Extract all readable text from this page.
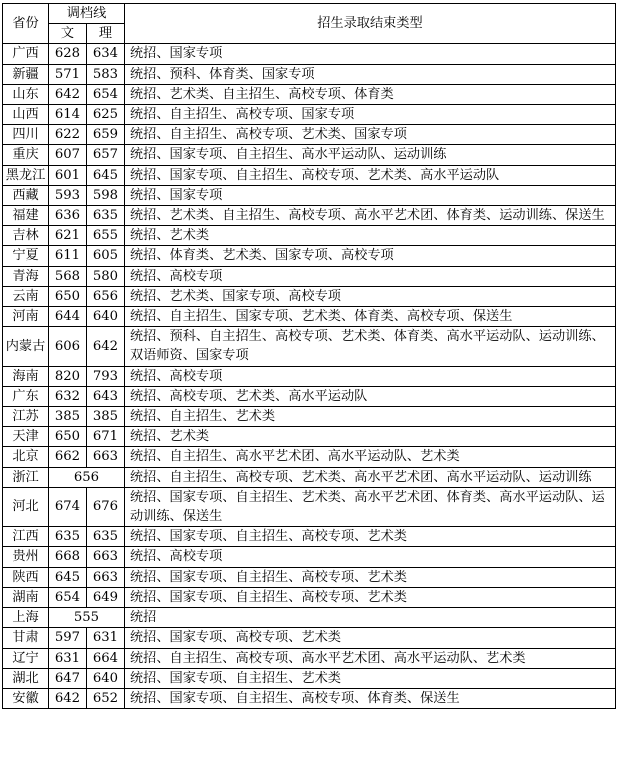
省份	调档线		招生录取结束类型
	文	理	
广西	628	634	统招、国家专项
新疆	571	583	统招、预科、体育类、国家专项
山东	642	654	统招、艺术类、自主招生、高校专项、体育类
山西	614	625	统招、自主招生、高校专项、国家专项
四川	622	659	统招、自主招生、高校专项、艺术类、国家专项
重庆	607	657	统招、国家专项、自主招生、高水平运动队、运动训练
黑龙江	601	645	统招、国家专项、自主招生、高校专项、艺术类、高水平运动队
西藏	593	598	统招、国家专项
福建	636	635	统招、艺术类、自主招生、高校专项、高水平艺术团、体育类、运动训练、保送生
吉林	621	655	统招、艺术类
宁夏	611	605	统招、体育类、艺术类、国家专项、高校专项
青海	568	580	统招、高校专项
云南	650	656	统招、艺术类、国家专项、高校专项
河南	644	640	统招、自主招生、国家专项、艺术类、体育类、高校专项、保送生
内蒙古	606	642	统招、预科、自主招生、高校专项、艺术类、体育类、高水平运动队、运动训练、双语师资、国家专项
海南	820	793	统招、高校专项
广东	632	643	统招、高校专项、艺术类、高水平运动队
江苏	385	385	统招、自主招生、艺术类
天津	650	671	统招、艺术类
北京	662	663	统招、自主招生、高水平艺术团、高水平运动队、艺术类
浙江	656		统招、自主招生、高校专项、艺术类、高水平艺术团、高水平运动队、运动训练
河北	674	676	统招、国家专项、自主招生、艺术类、高水平艺术团、体育类、高水平运动队、运动训练、保送生
江西	635	635	统招、国家专项、自主招生、高校专项、艺术类
贵州	668	663	统招、高校专项
陕西	645	663	统招、国家专项、自主招生、高校专项、艺术类
湖南	654	649	统招、国家专项、自主招生、高校专项、艺术类
上海	555		统招
甘肃	597	631	统招、国家专项、高校专项、艺术类
辽宁	631	664	统招、自主招生、高校专项、高水平艺术团、高水平运动队、艺术类
湖北	647	640	统招、国家专项、自主招生、艺术类
安徽	642	652	统招、国家专项、自主招生、高校专项、体育类、保送生
